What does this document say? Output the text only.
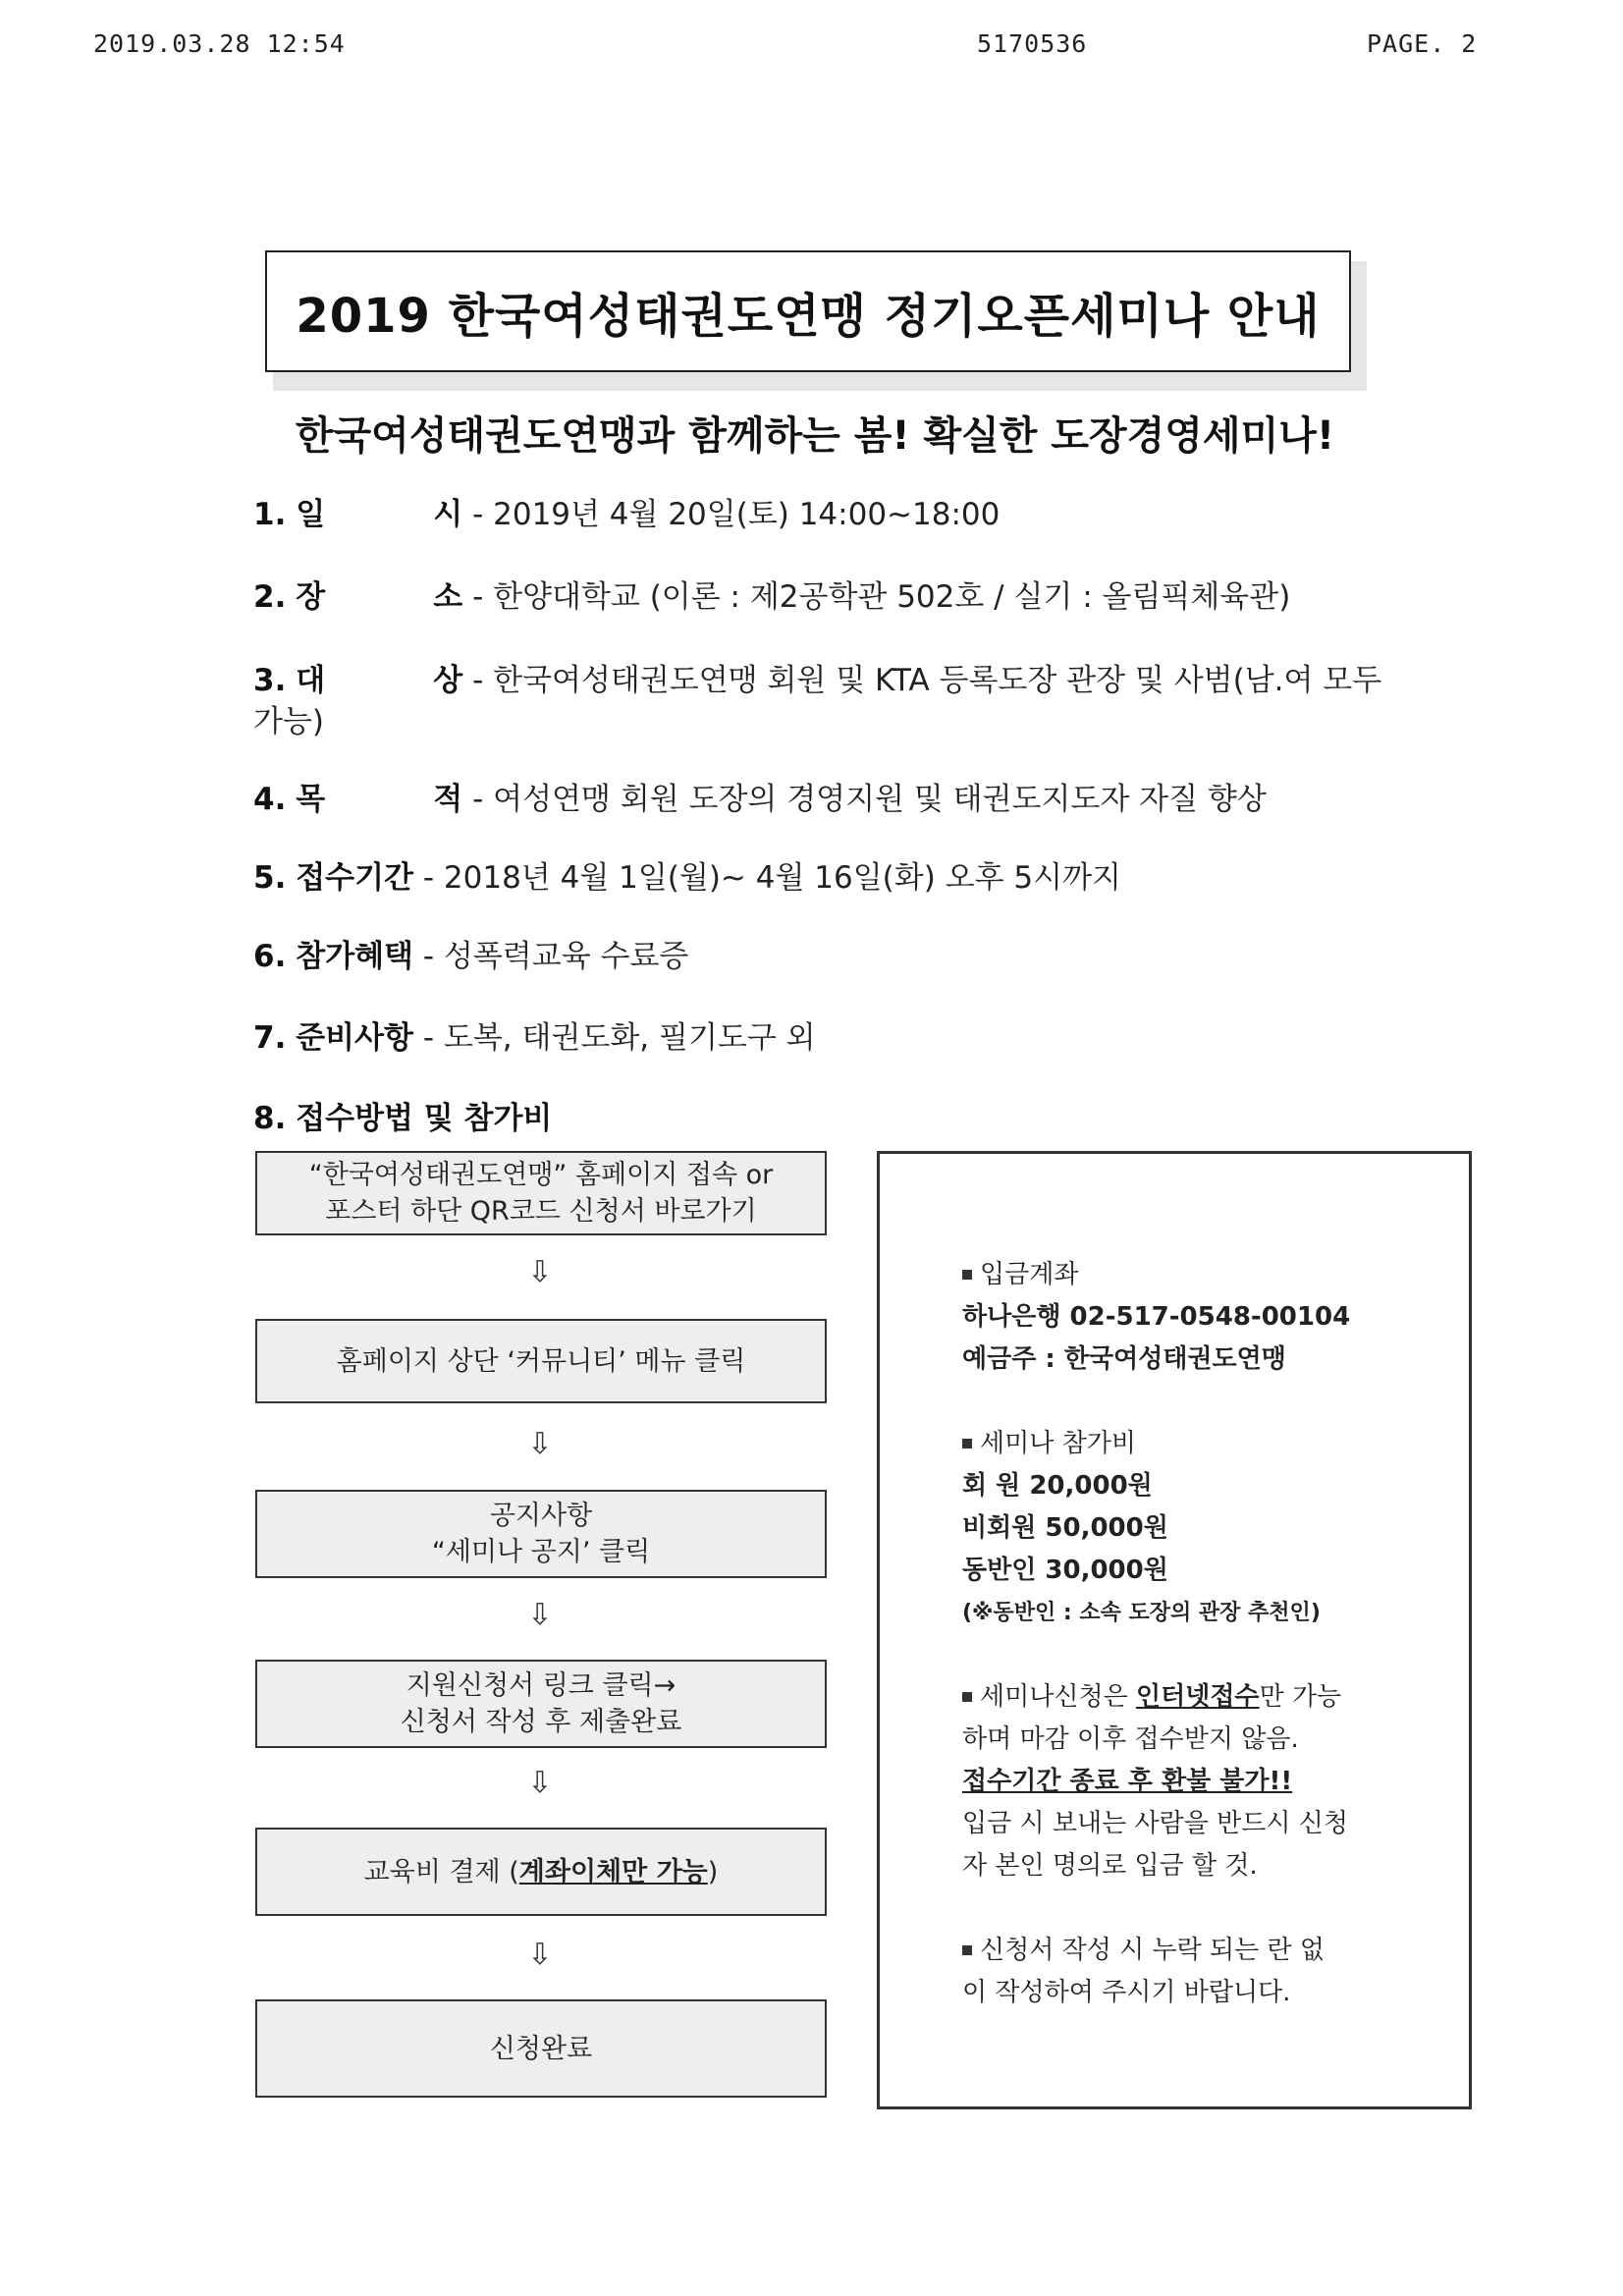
2019.03.28 12:54	5170536	PAGE. 2
2019 한국여성태권도연맹 정기오픈세미나 안내
한국여성태권도연맹과 함께하는 봄! 확실한 도장경영세미나!
1. 일	시 - 2019년 4월 20일(토) 14:00~18:00
2. 장	소 - 한양대학교 (이론 : 제2공학관 502호 / 실기 : 올림픽체육관)
3. 대	상 - 한국여성태권도연맹 회원 및 KTA 등록도장 관장 및 사범(남.여 모두
가능)
4. 목	적 - 여성연맹 회원 도장의 경영지원 및 태권도지도자 자질 향상
5. 접수기간 - 2018년 4월 1일(월)~ 4월 16일(화) 오후 5시까지
6. 참가혜택 - 성폭력교육 수료증
7. 준비사항 - 도복, 태권도화, 필기도구 외
8. 접수방법 및 참가비
“한국여성태권도연맹” 홈페이지 접속 or
포스터 하단 QR코드 신청서 바로가기
⇩
홈페이지 상단 ‘커뮤니티’ 메뉴 클릭
⇩
공지사항
“세미나 공지’ 클릭
⇩
지원신청서 링크 클릭→
신청서 작성 후 제출완료
⇩
교육비 결제 (계좌이체만 가능)
⇩
신청완료

입금계좌

하나은행 02-517-0548-00104

예금주 : 한국여성태권도연맹

세미나 참가비

회 원 20,000원

비회원 50,000원

동반인 30,000원

(※동반인 : 소속 도장의 관장 추천인)

세미나신청은 인터넷접수만 가능

하며 마감 이후 접수받지 않음.

접수기간 종료 후 환불 불가!!

입금 시 보내는 사람을 반드시 신청

자 본인 명의로 입금 할 것.

신청서 작성 시 누락 되는 란 없

이 작성하여 주시기 바랍니다.
